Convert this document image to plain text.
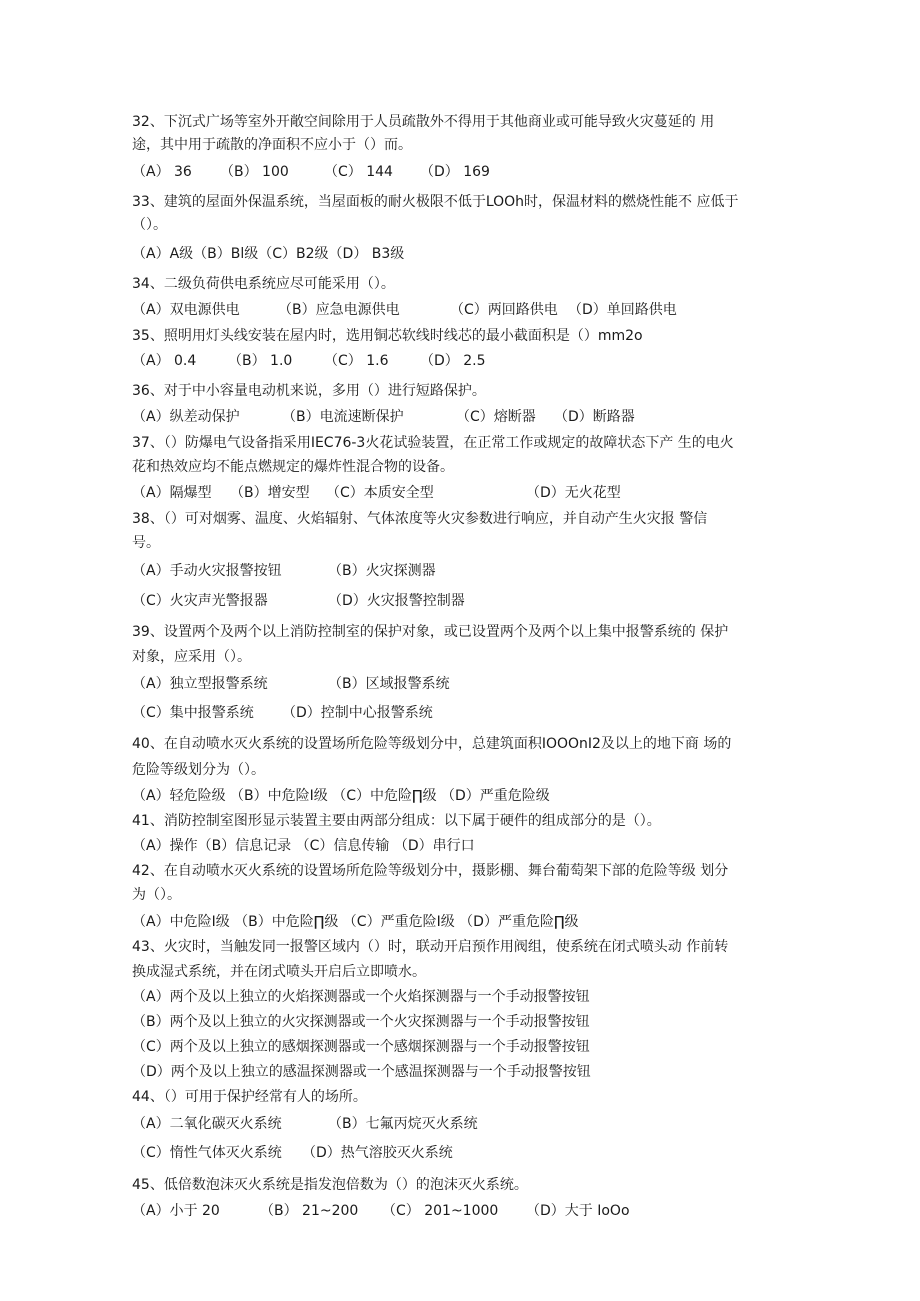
32、下沉式广场等室外开敞空间除用于人员疏散外不得用于其他商业或可能导致火灾蔓延的 用
途，其中用于疏散的净面积不应小于（）而。
（A） 36 （B） 100	（C） 144 （D） 169
33、建筑的屋面外保温系统，当屋面板的耐火极限不低于LOOh时，保温材料的燃烧性能不 应低于
（）。
（A）A级（B）Bl级（C）B2级（D） B3级
34、二级负荷供电系统应尽可能采用（）。
（A）双电源供电	（B）应急电源供电	（C）两回路供电 （D）单回路供电
35、照明用灯头线安装在屋内时，选用铜芯软线时线芯的最小截面积是（）mm2o
（A） 0.4 （B） 1.0 （C） 1.6 （D） 2.5
36、对于中小容量电动机来说，多用（）进行短路保护。
（A）纵差动保护	（B）电流速断保护	（C）熔断器 （D）断路器
37、（）防爆电气设备指采用IEC76-3火花试验装置，在正常工作或规定的故障状态下产 生的电火
花和热效应均不能点燃规定的爆炸性混合物的设备。
（A）隔爆型 （B）增安型 （C）本质安全型	（D）无火花型
38、（）可对烟雾、温度、火焰辐射、气体浓度等火灾参数进行响应，并自动产生火灾报 警信
号。
（A）手动火灾报警按钮	（B）火灾探测器
（C）火灾声光警报器	（D）火灾报警控制器
39、设置两个及两个以上消防控制室的保护对象，或已设置两个及两个以上集中报警系统的 保护
对象，应采用（）。
（A）独立型报警系统	（B）区域报警系统
（C）集中报警系统 （D）控制中心报警系统
40、在自动喷水灭火系统的设置场所危险等级划分中，总建筑面积IOOOnI2及以上的地下商 场的
危险等级划分为（）。
（A）轻危险级 （B）中危险I级 （C）中危险∏级 （D）严重危险级
41、消防控制室图形显示装置主要由两部分组成：以下属于硬件的组成部分的是（）。
（A）操作（B）信息记录 （C）信息传输 （D）串行口
42、在自动喷水灭火系统的设置场所危险等级划分中，摄影棚、舞台葡萄架下部的危险等级 划分
为（）。
（A）中危险I级 （B）中危险∏级 （C）严重危险I级 （D）严重危险∏级
43、火灾时，当触发同一报警区域内（）时，联动开启预作用阀组，使系统在闭式喷头动 作前转
换成湿式系统，并在闭式喷头开启后立即喷水。
（A）两个及以上独立的火焰探测器或一个火焰探测器与一个手动报警按钮
（B）两个及以上独立的火灾探测器或一个火灾探测器与一个手动报警按钮
（C）两个及以上独立的感烟探测器或一个感烟探测器与一个手动报警按钮
（D）两个及以上独立的感温探测器或一个感温探测器与一个手动报警按钮
44、（）可用于保护经常有人的场所。
（A）二氧化碳灭火系统	（B）七氟丙烷灭火系统
（C）惰性气体灭火系统 （D）热气溶胶灭火系统
45、低倍数泡沫灭火系统是指发泡倍数为（）的泡沫灭火系统。
（A）小于 20	（B） 21~200 （C） 201~1000 （D）大于 IoOo
